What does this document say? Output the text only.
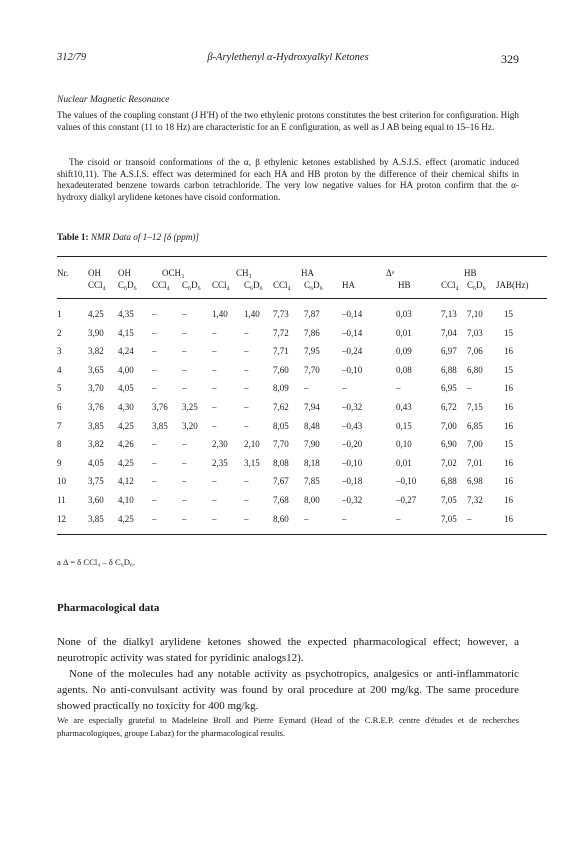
312/79	β-Arylethenyl α-Hydroxyalkyl Ketones	329
Nuclear Magnetic Resonance
The values of the coupling constant (J H′H) of the two ethylenic protons constitutes the best criterion for configuration. High values of this constant (11 to 18 Hz) are characteristic for an E configuration, as well as J AB being equal to 15–16 Hz.
The cisoid or transoid conformations of the α, β ethylenic ketones established by A.S.I.S. effect (aromatic induced shift10,11). The A.S.I.S. effect was determined for each HA and HB proton by the difference of their chemical shifts in hexadeuterated benzene towards carbon tetrachloride. The very low negative values for HA proton confirm that the α-hydroxy dialkyl arylidene ketones have cisoid conformation.
Table 1: NMR Data of 1–12 [δ (ppm)]
Nr. OH OH	OCH₃	CH₃	HA	Δᵃ	HB
CCl₄ C₆D₆ CCl₄ C₆D₆ CCl₄ C₆D₆ CCl₄ C₆D₆ HA	HB	CCl₄ C₆D₆ JAB(Hz)
1	4,25 4,35 –	–	1,40 1,40 7,73 7,87 –0,14	0,03	7,13 7,10 15
2	3,90 4,15 –	–	–	–	7,72 7,86 –0,14	0,01	7,04 7,03 15
3	3,82 4,24 –	–	–	–	7,71 7,95 –0,24	0,09	6,97 7,06 16
4	3,65 4,00 –	–	–	–	7,60 7,70 –0,10	0,08	6,88 6,80 15
5	3,70 4,05 –	–	–	–	8,09 –	–	–	6,95 –	16
6	3,76 4,30 3,76 3,25 –	–	7,62 7,94 –0,32	0,43	6,72 7,15 16
7	3,85 4,25 3,85 3,20 –	–	8,05 8,48 –0,43	0,15	7,00 6,85 16
8	3,82 4,26 –	–	2,30 2,10 7,70 7,90 –0,20	0,10	6,90 7,00 15
9	4,05 4,25 –	–	2,35 3,15 8,08 8,18 –0,10	0,01	7,02 7,01 16
10 3,75 4,12 –	–	–	–	7,67 7,85 –0,18	–0,10	6,88 6,98 16
11 3,60 4,10 –	–	–	–	7,68 8,00 –0,32	–0,27	7,05 7,32 16
12 3,85 4,25 –	–	–	–	8,60 –	–	–	7,05 –	16
a Δ = δ CCl₄ – δ C₆D₆.
Pharmacological data
None of the dialkyl arylidene ketones showed the expected pharmacological effect; however, a neurotropic activity was stated for pyridinic analogs12).
None of the molecules had any notable activity as psychotropics, analgesics or anti-inflammatoric agents. No anti-convulsant activity was found by oral procedure at 200 mg/kg. The same procedure showed practically no toxicity for 400 mg/kg.
We are especially grateful to Madeleine Broll and Pierre Eymard (Head of the C.R.E.P. centre d'études et de recherches pharmacologiques, groupe Labaz) for the pharmacological results.
